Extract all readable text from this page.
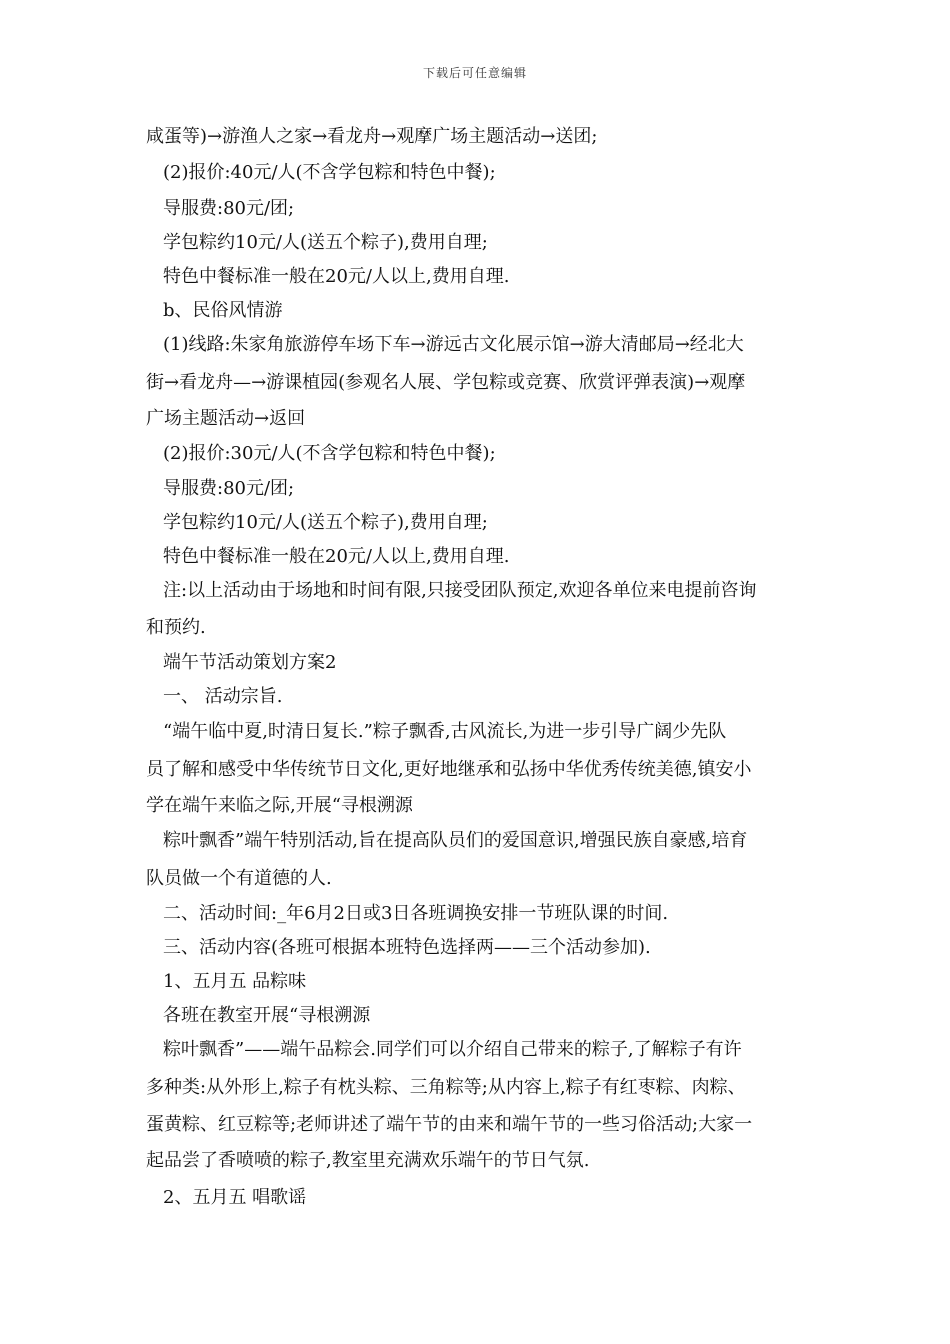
下载后可任意编辑
咸蛋等)→游渔人之家→看龙舟→观摩广场主题活动→送团;
(2)报价:40元/人(不含学包粽和特色中餐);
导服费:80元/团;
学包粽约10元/人(送五个粽子),费用自理;
特色中餐标准一般在20元/人以上,费用自理.
b、民俗风情游
(1)线路:朱家角旅游停车场下车→游远古文化展示馆→游大清邮局→经北大
街→看龙舟—→游课植园(参观名人展、学包粽或竞赛、欣赏评弹表演)→观摩
广场主题活动→返回
(2)报价:30元/人(不含学包粽和特色中餐);
导服费:80元/团;
学包粽约10元/人(送五个粽子),费用自理;
特色中餐标准一般在20元/人以上,费用自理.
注:以上活动由于场地和时间有限,只接受团队预定,欢迎各单位来电提前咨询
和预约.
端午节活动策划方案2
一、 活动宗旨.
“端午临中夏,时清日复长.”粽子飘香,古风流长,为进一步引导广阔少先队
员了解和感受中华传统节日文化,更好地继承和弘扬中华优秀传统美德,镇安小
学在端午来临之际,开展“寻根溯源
粽叶飘香”端午特别活动,旨在提高队员们的爱国意识,增强民族自豪感,培育
队员做一个有道德的人.
二、活动时间:_年6月2日或3日各班调换安排一节班队课的时间.
三、活动内容(各班可根据本班特色选择两——三个活动参加).
1、五月五 品粽味
各班在教室开展“寻根溯源
粽叶飘香”——端午品粽会.同学们可以介绍自己带来的粽子,了解粽子有许
多种类:从外形上,粽子有枕头粽、三角粽等;从内容上,粽子有红枣粽、肉粽、
蛋黄粽、红豆粽等;老师讲述了端午节的由来和端午节的一些习俗活动;大家一
起品尝了香喷喷的粽子,教室里充满欢乐端午的节日气氛.
2、五月五 唱歌谣
